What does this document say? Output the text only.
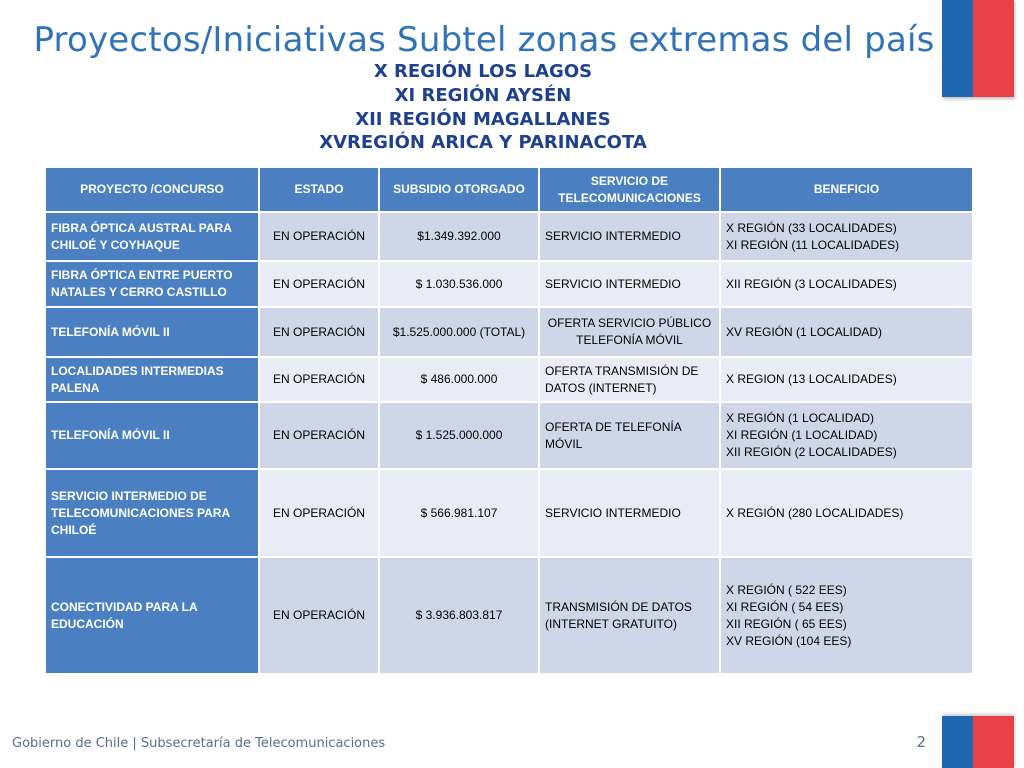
Proyectos/Iniciativas Subtel zonas extremas del país
X REGIÓN LOS LAGOS
XI REGIÓN AYSÉN
XII REGIÓN MAGALLANES
XVREGIÓN ARICA Y PARINACOTA
PROYECTO /CONCURSO	ESTADO	SUBSIDIO OTORGADO	SERVICIO DE TELECOMUNICACIONES	BENEFICIO
FIBRA ÓPTICA AUSTRAL PARA CHILOÉ Y COYHAQUE	EN OPERACIÓN	$1.349.392.000	SERVICIO INTERMEDIO	X REGIÓN (33 LOCALIDADES)
XI REGIÓN (11 LOCALIDADES)

FIBRA ÓPTICA ENTRE PUERTO NATALES Y CERRO CASTILLO	EN OPERACIÓN	$ 1.030.536.000	SERVICIO INTERMEDIO	XII REGIÓN (3 LOCALIDADES)

TELEFONÍA MÓVIL II	EN OPERACIÓN	$1.525.000.000 (TOTAL)	OFERTA SERVICIO PÚBLICO TELEFONÍA MÓVIL	XV REGIÓN (1 LOCALIDAD)

LOCALIDADES INTERMEDIAS PALENA	EN OPERACIÓN	$ 486.000.000	OFERTA TRANSMISIÓN DE DATOS (INTERNET)	X REGION (13 LOCALIDADES)

TELEFONÍA MÓVIL II	EN OPERACIÓN	$ 1.525.000.000	OFERTA DE TELEFONÍA MÓVIL	X REGIÓN (1 LOCALIDAD)
XI REGIÓN (1 LOCALIDAD)
XII REGIÓN (2 LOCALIDADES)

SERVICIO INTERMEDIO DE TELECOMUNICACIONES PARA CHILOÉ	EN OPERACIÓN	$ 566.981.107	SERVICIO INTERMEDIO	X REGIÓN (280 LOCALIDADES)

CONECTIVIDAD PARA LA EDUCACIÓN	EN OPERACIÓN	$ 3.936.803.817	TRANSMISIÓN DE DATOS (INTERNET GRATUITO)	X REGIÓN ( 522 EES)
XI REGIÓN ( 54 EES)
XII REGIÓN ( 65 EES)
XV REGIÓN (104 EES)
Gobierno de Chile | Subsecretaría de Telecomunicaciones	2
